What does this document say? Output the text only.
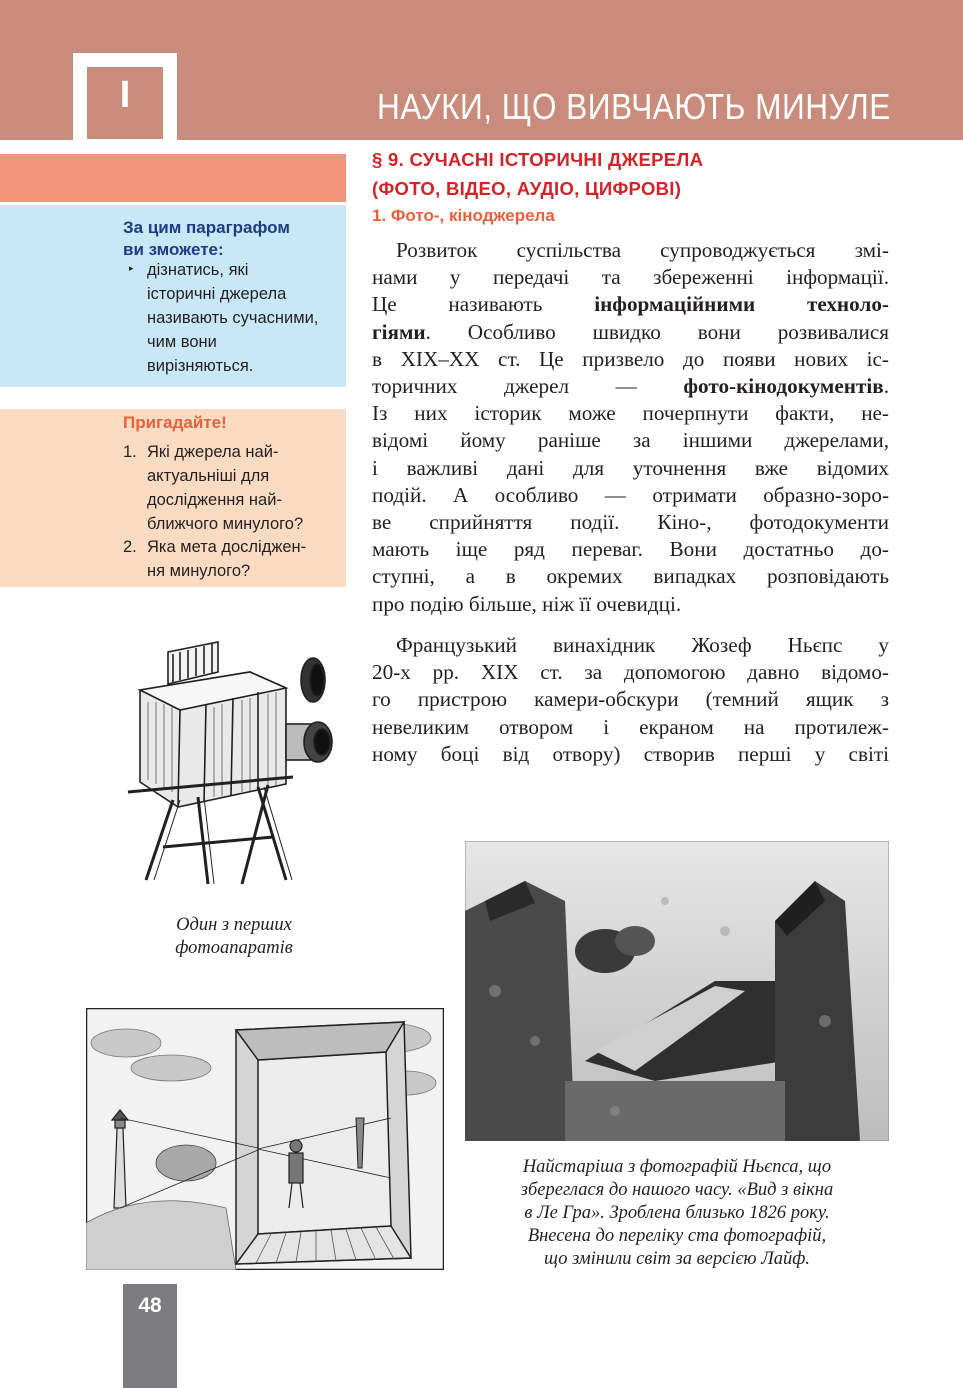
I	НАУКИ, ЩО ВИВЧАЮТЬ МИНУЛЕ
За цим параграфом
ви зможете:
▸ дізнатись, які
історичні джерела
називають сучасними,
чим вони
вирізняються.
Пригадайте!
1. Які джерела най-
актуальніші для
дослідження най-
ближчого минулого?
2. Яка мета досліджен-
ня минулого?
§ 9. СУЧАСНІ ІСТОРИЧНІ ДЖЕРЕЛА
(ФОТО, ВІДЕО, АУДІО, ЦИФРОВІ)
1. Фото-, кіноджерела
Розвиток суспільства супроводжується змі-
нами у передачі та збереженні інформації.
Це називають інформаційними техноло-
гіями. Особливо швидко вони розвивалися
в XIX–XX ст. Це призвело до появи нових іс-
торичних джерел — фото-кінодокументів.
Із них історик може почерпнути факти, не-
відомі йому раніше за іншими джерелами,
і важливі дані для уточнення вже відомих
подій. А особливо — отримати образно-зоро-
ве сприйняття події. Кіно-, фотодокументи
мають іще ряд переваг. Вони достатньо до-
ступні, а в окремих випадках розповідають
про подію більше, ніж її очевидці.
Французький винахідник Жозеф Ньєпс у
20-х рр. XIX ст. за допомогою давно відомо-
го пристрою камери-обскури (темний ящик з
невеликим отвором і екраном на протилеж-
ному боці від отвору) створив перші у світі
Один з перших
фотоапаратів
Найстаріша з фотографій Ньєпса, що
збереглася до нашого часу. «Вид з вікна
в Ле Гра». Зроблена близько 1826 року.
Внесена до переліку ста фотографій,
що змінили світ за версією Лайф.
48
